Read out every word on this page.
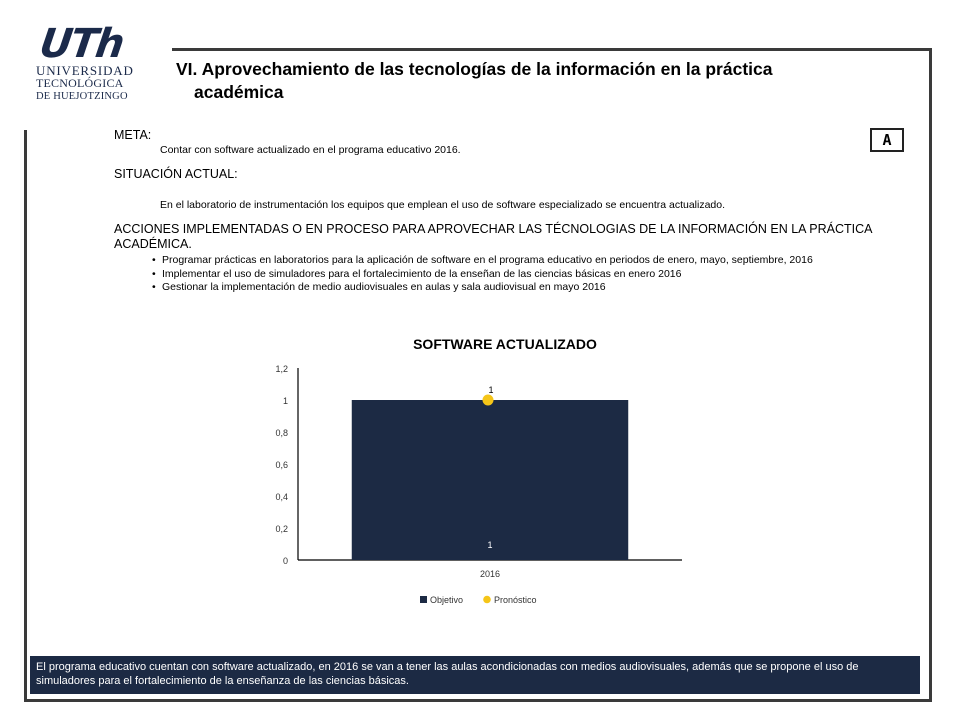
UTh
UNIVERSIDAD
TECNOLÓGICA
DE HUEJOTZINGO
VI. Aprovechamiento de las tecnologías de la información en la práctica
académica
A
META:
Contar con software actualizado en el programa educativo 2016.
SITUACIÓN ACTUAL:
En el laboratorio de instrumentación los equipos que emplean el uso de software especializado se encuentra actualizado.
ACCIONES IMPLEMENTADAS O EN PROCESO PARA APROVECHAR LAS TÉCNOLOGIAS DE LA INFORMACIÓN EN LA PRÁCTICA ACADÉMICA.
• Programar prácticas en laboratorios para la aplicación de software en el programa educativo en periodos de enero, mayo, septiembre, 2016
• Implementar el uso de simuladores para el fortalecimiento de la enseñan de las ciencias básicas en enero 2016
• Gestionar la implementación de medio audiovisuales en aulas y sala audiovisual en mayo 2016
SOFTWARE ACTUALIZADO
0
0,2
0,4
0,6
0,8
1
1,2
2016
1
1
Objetivo	Pronóstico
El programa educativo cuentan con software actualizado, en 2016 se van a tener las aulas acondicionadas con medios audiovisuales, además que se propone el uso de simuladores para el fortalecimiento de la enseñanza de las ciencias básicas.
